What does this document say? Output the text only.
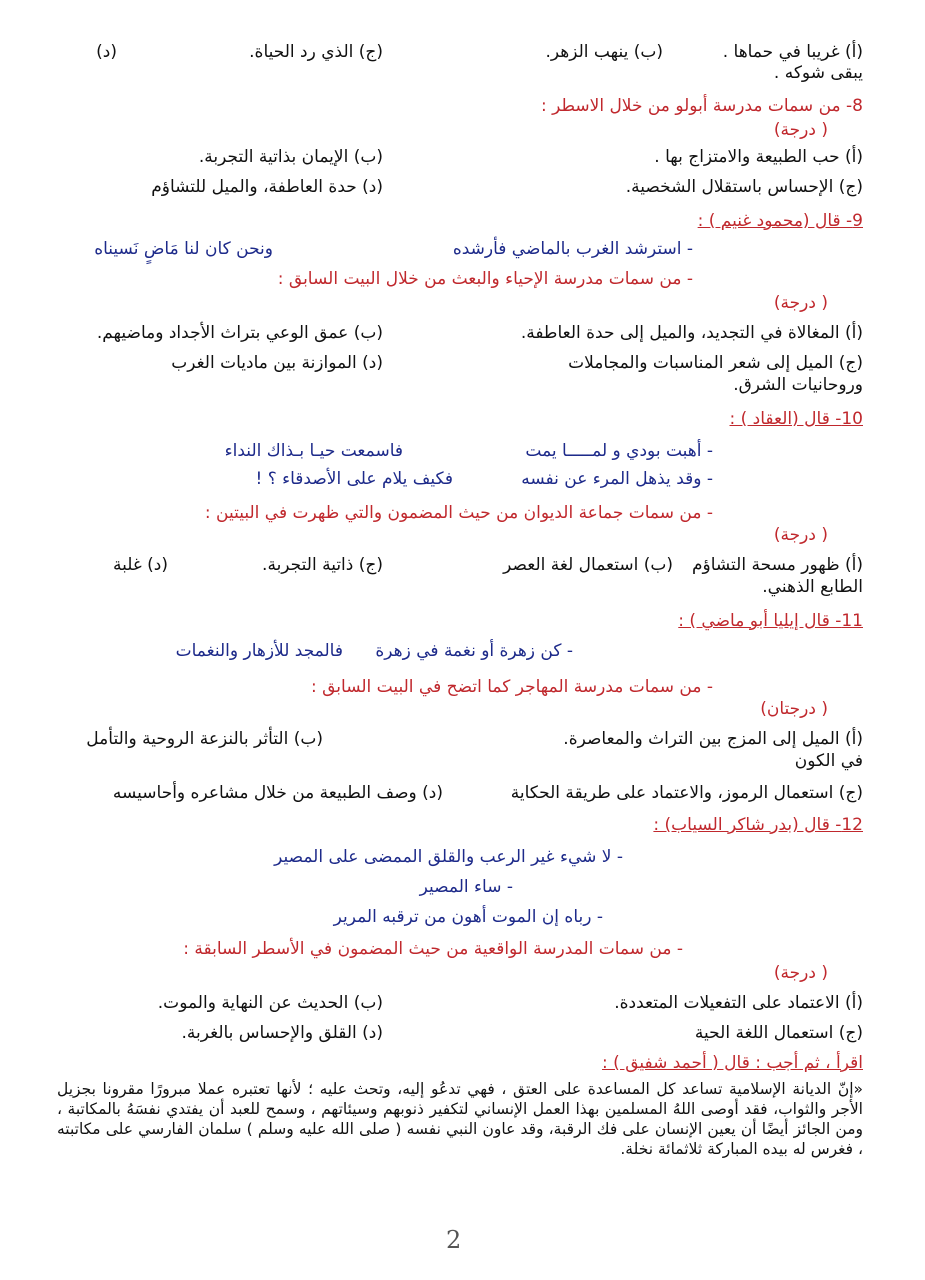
(أ) غريبا في حماها .
(ب) ينهب الزهر.
(ج) الذي رد الحياة.
(د)
يبقى شوكه .
8- من سمات مدرسة أبولو من خلال الاسطر :
( درجة)
(أ) حب الطبيعة والامتزاج بها .
(ب) الإيمان بذاتية التجربة.
(ج) الإحساس باستقلال الشخصية.
(د) حدة العاطفة، والميل للتشاؤم
9- قال (محمود غنيم ) :
- استرشد الغرب بالماضي فأرشده
ونحن كان لنا مَاضٍ نَسيناه
- من سمات مدرسة الإحياء والبعث من خلال البيت السابق :
( درجة)
(أ) المغالاة في التجديد، والميل إلى حدة العاطفة.
(ب) عمق الوعي بتراث الأجداد وماضيهم.
(ج) الميل إلى شعر المناسبات والمجاملات
(د) الموازنة بين ماديات الغرب
وروحانيات الشرق.
10- قال (العقاد ) :
- أهبت بودي و لمـــــا يمت
فاسمعت حيـا بـذاك النداء
- وقد يذهل المرء عن نفسه
فكيف يلام على الأصدقاء ؟ !
- من سمات جماعة الديوان من حيث المضمون والتي ظهرت في البيتين :
( درجة)
(أ) ظهور مسحة التشاؤم
(ب) استعمال لغة العصر
(ج) ذاتية التجربة.
(د) غلبة
الطابع الذهني.
11- قال إيليا أبو ماضي ) :
- كن زهرة أو نغمة في زهرة
فالمجد للأزهار والنغمات
- من سمات مدرسة المهاجر كما اتضح في البيت السابق :
( درجتان)
(أ) الميل إلى المزج بين التراث والمعاصرة.
(ب) التأثر بالنزعة الروحية والتأمل
في الكون
(ج) استعمال الرموز، والاعتماد على طريقة الحكاية
(د) وصف الطبيعة من خلال مشاعره وأحاسيسه
12- قال (بدر شاكر السياب) :
- لا شيء غير الرعب والقلق الممضى على المصير
- ساء المصير
- رباه إن الموت أهون من ترقبه المرير
- من سمات المدرسة الواقعية من حيث المضمون في الأسطر السابقة :
( درجة)
(أ) الاعتماد على التفعيلات المتعددة.
(ب) الحديث عن النهاية والموت.
(ج) استعمال اللغة الحية
(د) القلق والإحساس بالغربة.
اقرأ ، ثم أجب : قال ( أحمد شفيق ) :
«إنّ الديانة الإسلامية تساعد كل المساعدة على العتق ، فهي تدعُو إليه، وتحث عليه ؛ لأنها تعتبره عملا مبرورًا مقرونا بجزيل الأجر والثواب، فقد أوصى اللهُ المسلمين بهذا العمل الإنساني لتكفير ذنوبهم وسيئاتهم ، وسمح للعبد أن يفتدي نفسَهُ بالمكاتبة ، ومن الجائز أيضًا أن يعين الإنسان على فك الرقبة، وقد عاون النبي نفسه ( صلى الله عليه وسلم ) سلمان الفارسي على مكاتبته ، فغرس له بيده المباركة ثلاثمائة نخلة.
2
